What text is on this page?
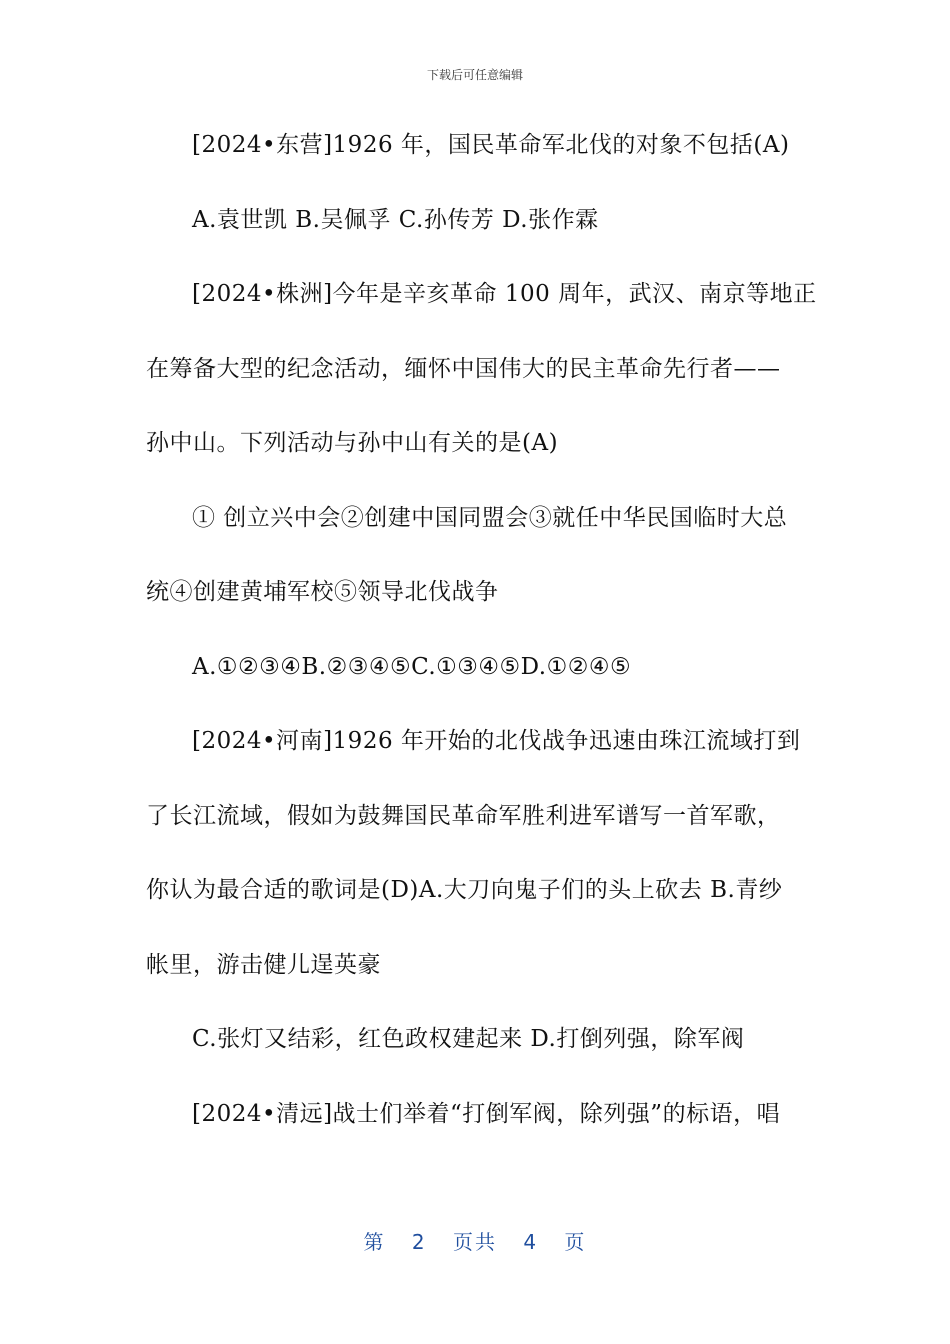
下载后可任意编辑
[2024•东营]1926 年，国民革命军北伐的对象不包括(A)
A.袁世凯 B.吴佩孚 C.孙传芳 D.张作霖
[2024•株洲]今年是辛亥革命 100 周年，武汉、南京等地正
在筹备大型的纪念活动，缅怀中国伟大的民主革命先行者——
孙中山。下列活动与孙中山有关的是(A)
① 创立兴中会②创建中国同盟会③就任中华民国临时大总
统④创建黄埔军校⑤领导北伐战争
A.①②③④B.②③④⑤C.①③④⑤D.①②④⑤
[2024•河南]1926 年开始的北伐战争迅速由珠江流域打到
了长江流域，假如为鼓舞国民革命军胜利进军谱写一首军歌，
你认为最合适的歌词是(D)A.大刀向鬼子们的头上砍去 B.青纱
帐里，游击健儿逞英豪
C.张灯又结彩，红色政权建起来 D.打倒列强，除军阀
[2024•清远]战士们举着“打倒军阀，除列强”的标语，唱
第 2 页共 4 页
